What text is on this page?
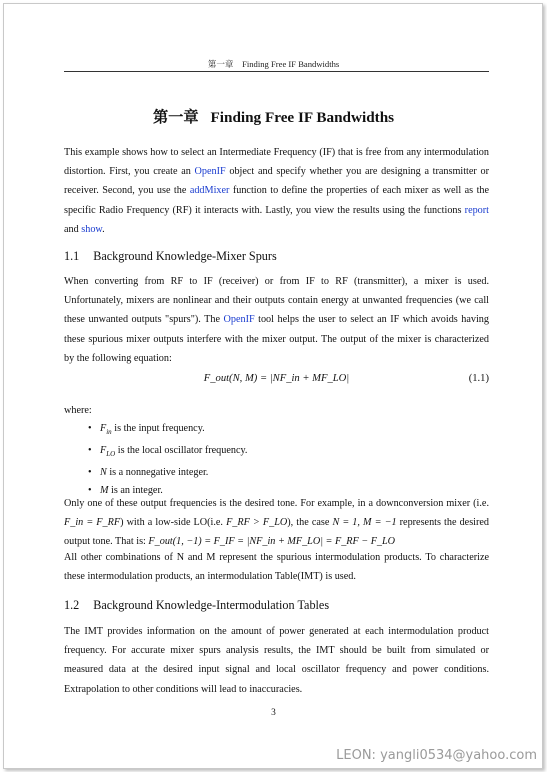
第一章　Finding Free IF Bandwidths
第一章 Finding Free IF Bandwidths

This example shows how to select an Intermediate Frequency (IF) that is free from any intermodulation distortion. First, you create an OpenIF object and specify whether you are designing a transmitter or receiver. Second, you use the addMixer function to define the properties of each mixer as well as the specific Radio Frequency (RF) it interacts with. Lastly, you view the results using the functions report and show.

1.1 Background Knowledge-Mixer Spurs

When converting from RF to IF (receiver) or from IF to RF (transmitter), a mixer is used. Unfortunately, mixers are nonlinear and their outputs contain energy at unwanted frequencies (we call these unwanted outputs "spurs"). The OpenIF tool helps the user to select an IF which avoids having these spurious mixer outputs interfere with the mixer output. The output of the mixer is characterized by the following equation:

F_out(N, M) = |NF_in + MF_LO|	(1.1)

where:

• $F_{in}$ is the input frequency.
• $F_{LO}$ is the local oscillator frequency.
• N is a nonnegative integer.
• M is an integer.

Only one of these output frequencies is the desired tone. For example, in a downconversion mixer (i.e. F_in = F_RF) with a low-side LO(i.e. F_RF > F_LO), the case N = 1, M = −1 represents the desired output tone. That is: F_out(1, −1) = F_IF = |NF_in + MF_LO| = F_RF − F_LO

All other combinations of N and M represent the spurious intermodulation products. To characterize these intermodulation products, an intermodulation Table(IMT) is used.

1.2 Background Knowledge-Intermodulation Tables

The IMT provides information on the amount of power generated at each intermodulation product frequency. For accurate mixer spurs analysis results, the IMT should be built from simulated or measured data at the desired input signal and local oscillator frequency and power conditions. Extrapolation to other conditions will lead to inaccuracies.

3
LEON: yangli0534@yahoo.com
